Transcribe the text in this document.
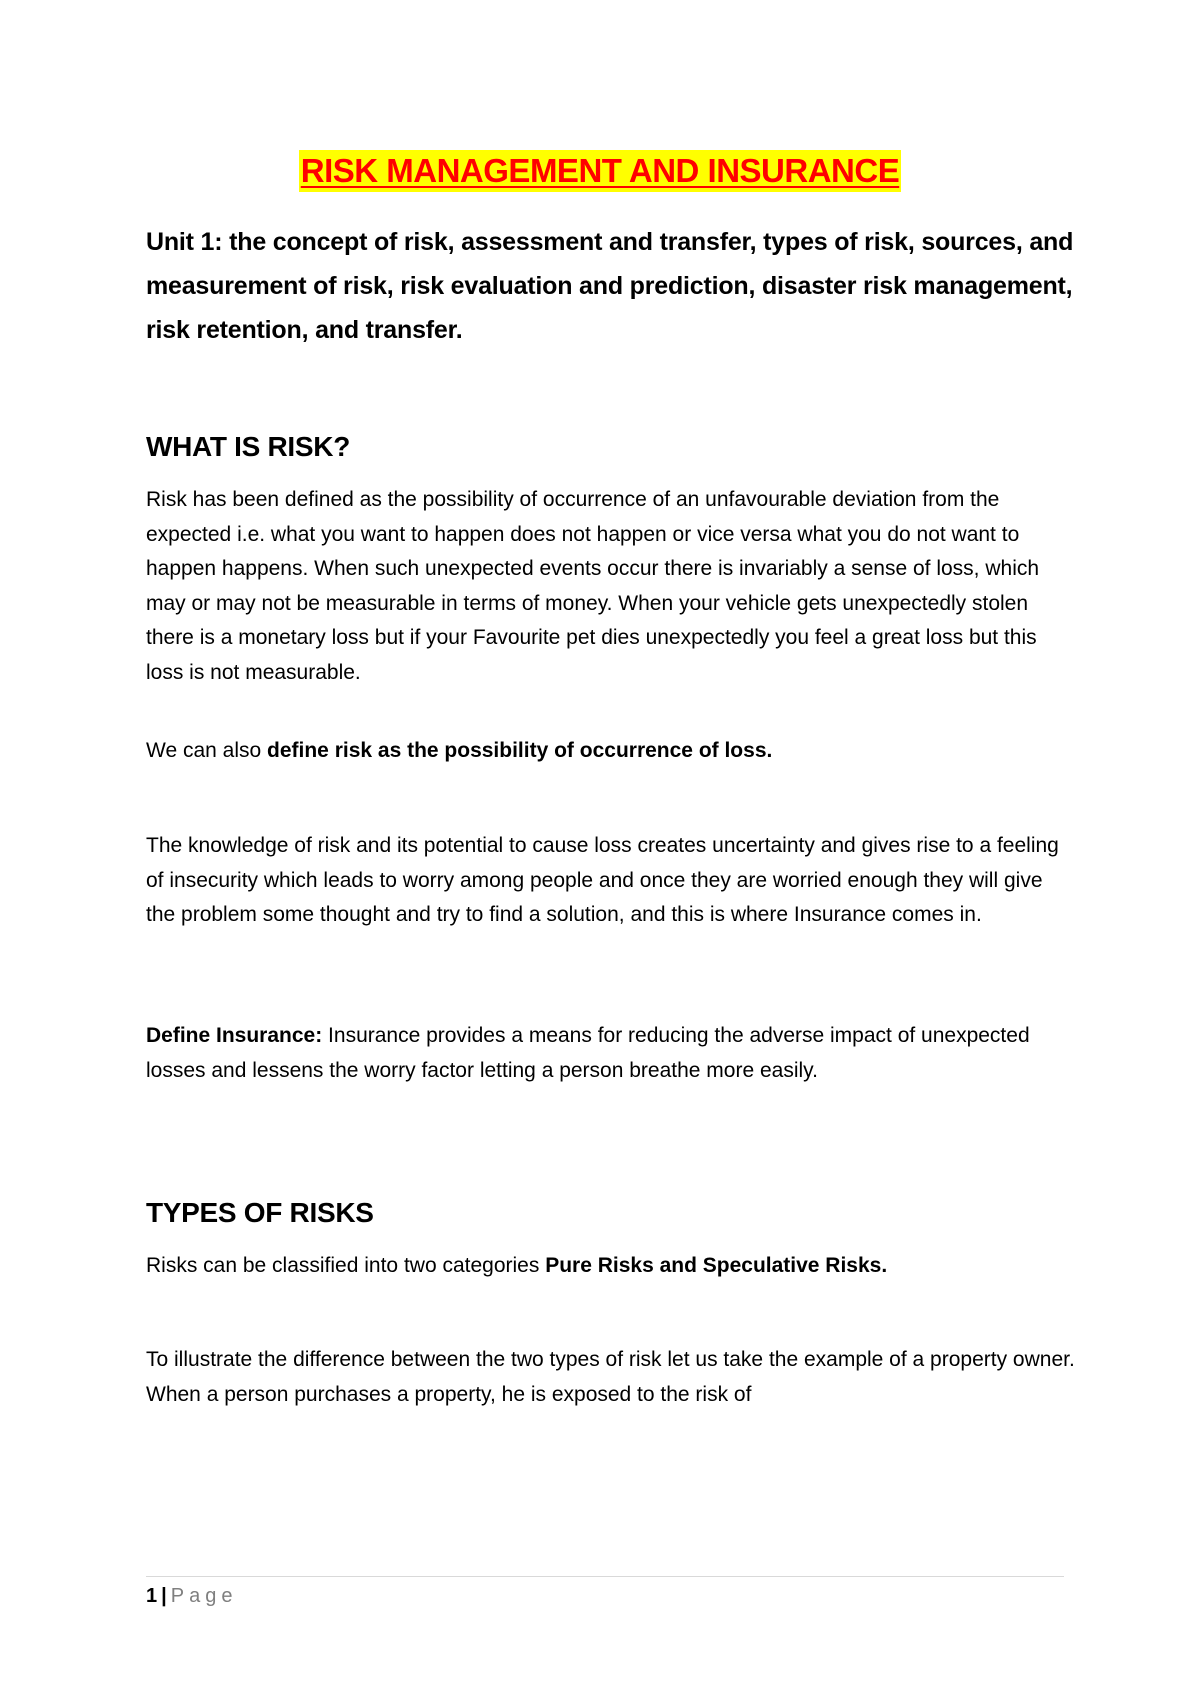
RISK MANAGEMENT AND INSURANCE
Unit 1: the concept of risk, assessment and transfer, types of risk, sources, and measurement of risk, risk evaluation and prediction, disaster risk management, risk retention, and transfer.
WHAT IS RISK?
Risk has been defined as the possibility of occurrence of an unfavourable deviation from the expected i.e. what you want to happen does not happen or vice versa what you do not want to happen happens. When such unexpected events occur there is invariably a sense of loss, which may or may not be measurable in terms of money. When your vehicle gets unexpectedly stolen there is a monetary loss but if your Favourite pet dies unexpectedly you feel a great loss but this loss is not measurable.
We can also define risk as the possibility of occurrence of loss.
The knowledge of risk and its potential to cause loss creates uncertainty and gives rise to a feeling of insecurity which leads to worry among people and once they are worried enough they will give the problem some thought and try to find a solution, and this is where Insurance comes in.
Define Insurance: Insurance provides a means for reducing the adverse impact of unexpected losses and lessens the worry factor letting a person breathe more easily.
TYPES OF RISKS
Risks can be classified into two categories Pure Risks and Speculative Risks.
To illustrate the difference between the two types of risk let us take the example of a property owner. When a person purchases a property, he is exposed to the risk of
1 | Page
